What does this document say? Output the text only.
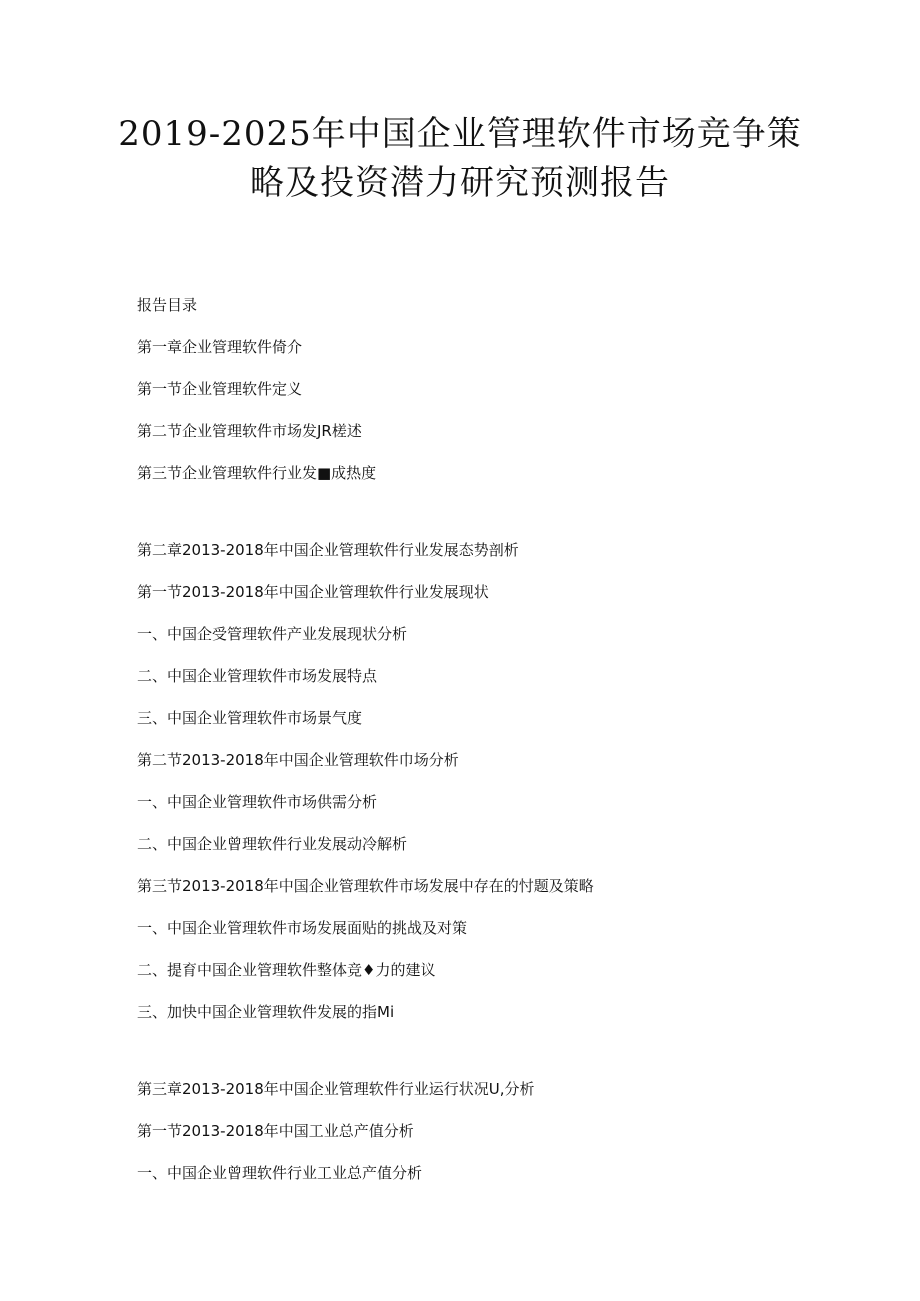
2019-2025年中国企业管理软件市场竞争策
略及投资潜力研究预测报告
报告目录
第一章企业管理软件倚介
第一节企业管理软件定义
第二节企业管理软件市场发JR槎述
第三节企业管理软件行业发■成热度
第二章2013-2018年中国企业管理软件行业发展态势剖析
第一节2013-2018年中国企业管理软件行业发展现状
一、中国企受管理软件产业发展现状分析
二、中国企业管理软件市场发展特点
三、中国企业管理软件市场景气度
第二节2013-2018年中国企业管理软件巾场分析
一、中国企业管理软件市场供需分析
二、中国企业曾理软件行业发展动冷解析
第三节2013-2018年中国企业管理软件市场发展中存在的忖题及策略
一、中国企业管理软件市场发展面贴的挑战及对策
二、提育中国企业管理软件整体竞♦力的建议
三、加快中国企业管理软件发展的指Mi
第三章2013-2018年中国企业管理软件行业运行状况U,分析
第一节2013-2018年中国工业总产值分析
一、中国企业曾理软件行业工业总产值分析
